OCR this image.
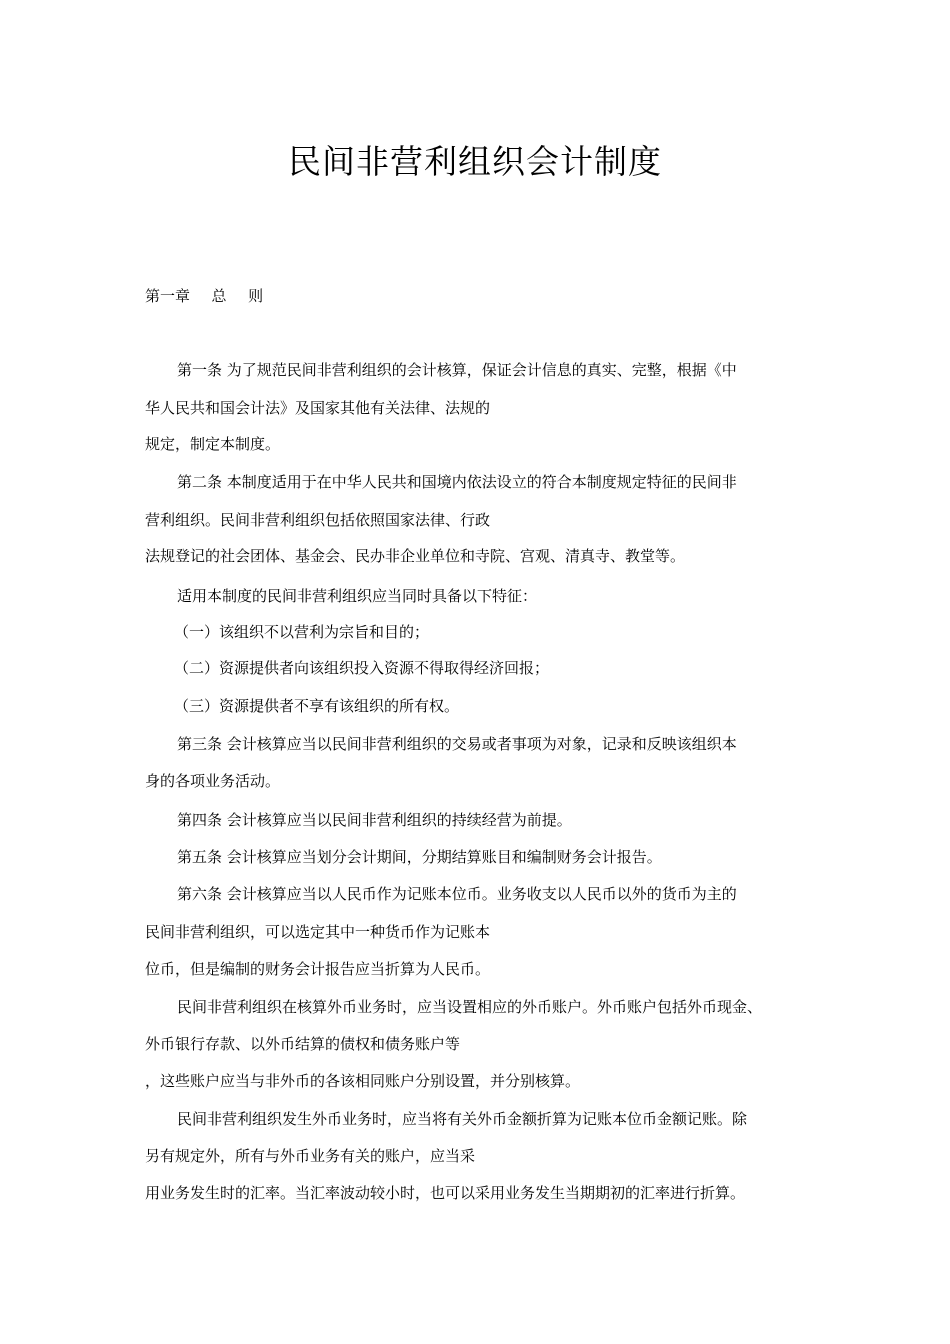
民间非营利组织会计制度

第一章  总  则

第一条 为了规范民间非营利组织的会计核算，保证会计信息的真实、完整，根据《中

华人民共和国会计法》及国家其他有关法律、法规的

规定，制定本制度。

第二条 本制度适用于在中华人民共和国境内依法设立的符合本制度规定特征的民间非

营利组织。民间非营利组织包括依照国家法律、行政

法规登记的社会团体、基金会、民办非企业单位和寺院、宫观、清真寺、教堂等。

适用本制度的民间非营利组织应当同时具备以下特征：

（一）该组织不以营利为宗旨和目的；

（二）资源提供者向该组织投入资源不得取得经济回报；

（三）资源提供者不享有该组织的所有权。

第三条 会计核算应当以民间非营利组织的交易或者事项为对象，记录和反映该组织本

身的各项业务活动。

第四条 会计核算应当以民间非营利组织的持续经营为前提。

第五条 会计核算应当划分会计期间，分期结算账目和编制财务会计报告。

第六条 会计核算应当以人民币作为记账本位币。业务收支以人民币以外的货币为主的

民间非营利组织，可以选定其中一种货币作为记账本

位币，但是编制的财务会计报告应当折算为人民币。

民间非营利组织在核算外币业务时，应当设置相应的外币账户。外币账户包括外币现金、

外币银行存款、以外币结算的债权和债务账户等

，这些账户应当与非外币的各该相同账户分别设置，并分别核算。

民间非营利组织发生外币业务时，应当将有关外币金额折算为记账本位币金额记账。除

另有规定外，所有与外币业务有关的账户，应当采

用业务发生时的汇率。当汇率波动较小时，也可以采用业务发生当期期初的汇率进行折算。
